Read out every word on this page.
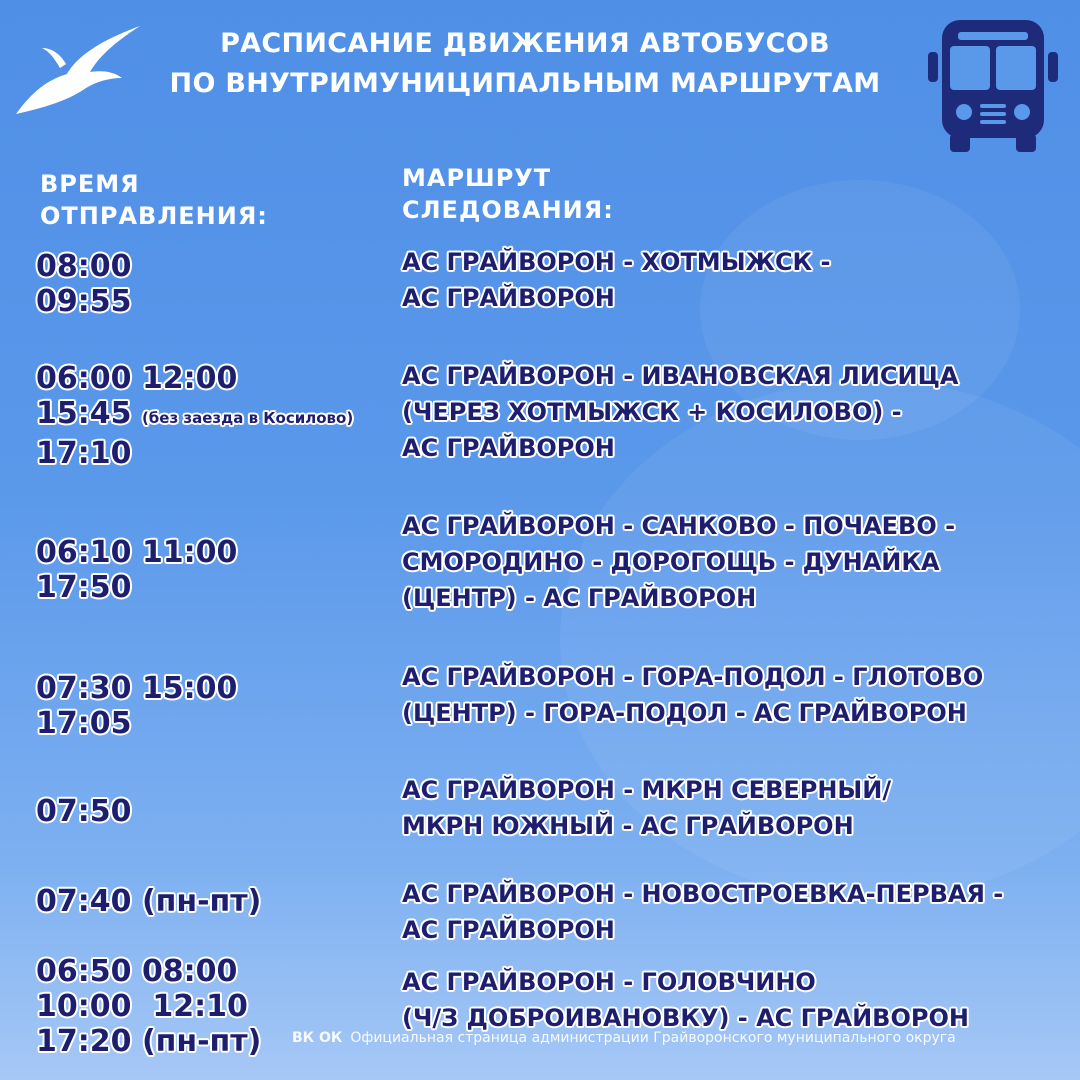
РАСПИСАНИЕ ДВИЖЕНИЯ АВТОБУСОВ
ПО ВНУТРИМУНИЦИПАЛЬНЫМ МАРШРУТАМ
ВРЕМЯ
ОТПРАВЛЕНИЯ:
МАРШРУТ
СЛЕДОВАНИЯ:
08:00
09:55
АС ГРАЙВОРОН - ХОТМЫЖСК -
АС ГРАЙВОРОН
06:00 12:00
15:45 (без заезда в Косилово)
17:10
АС ГРАЙВОРОН - ИВАНОВСКАЯ ЛИСИЦА
(ЧЕРЕЗ ХОТМЫЖСК + КОСИЛОВО) -
АС ГРАЙВОРОН
06:10 11:00
17:50
АС ГРАЙВОРОН - САНКОВО - ПОЧАЕВО -
СМОРОДИНО - ДОРОГОЩЬ - ДУНАЙКА
(ЦЕНТР) - АС ГРАЙВОРОН
07:30 15:00
17:05
АС ГРАЙВОРОН - ГОРА-ПОДОЛ - ГЛОТОВО
(ЦЕНТР) - ГОРА-ПОДОЛ - АС ГРАЙВОРОН
07:50
АС ГРАЙВОРОН - МКРН СЕВЕРНЫЙ/
МКРН ЮЖНЫЙ - АС ГРАЙВОРОН
07:40 (пн-пт)	АС ГРАЙВОРОН - НОВОСТРОЕВКА-ПЕРВАЯ -
АС ГРАЙВОРОН
06:50 08:00
10:00  12:10
17:20 (пн-пт)
АС ГРАЙВОРОН - ГОЛОВЧИНО
(Ч/З ДОБРОИВАНОВКУ) - АС ГРАЙВОРОН
ВК ОК Официальная страница администрации Грайворонского муниципального округа
